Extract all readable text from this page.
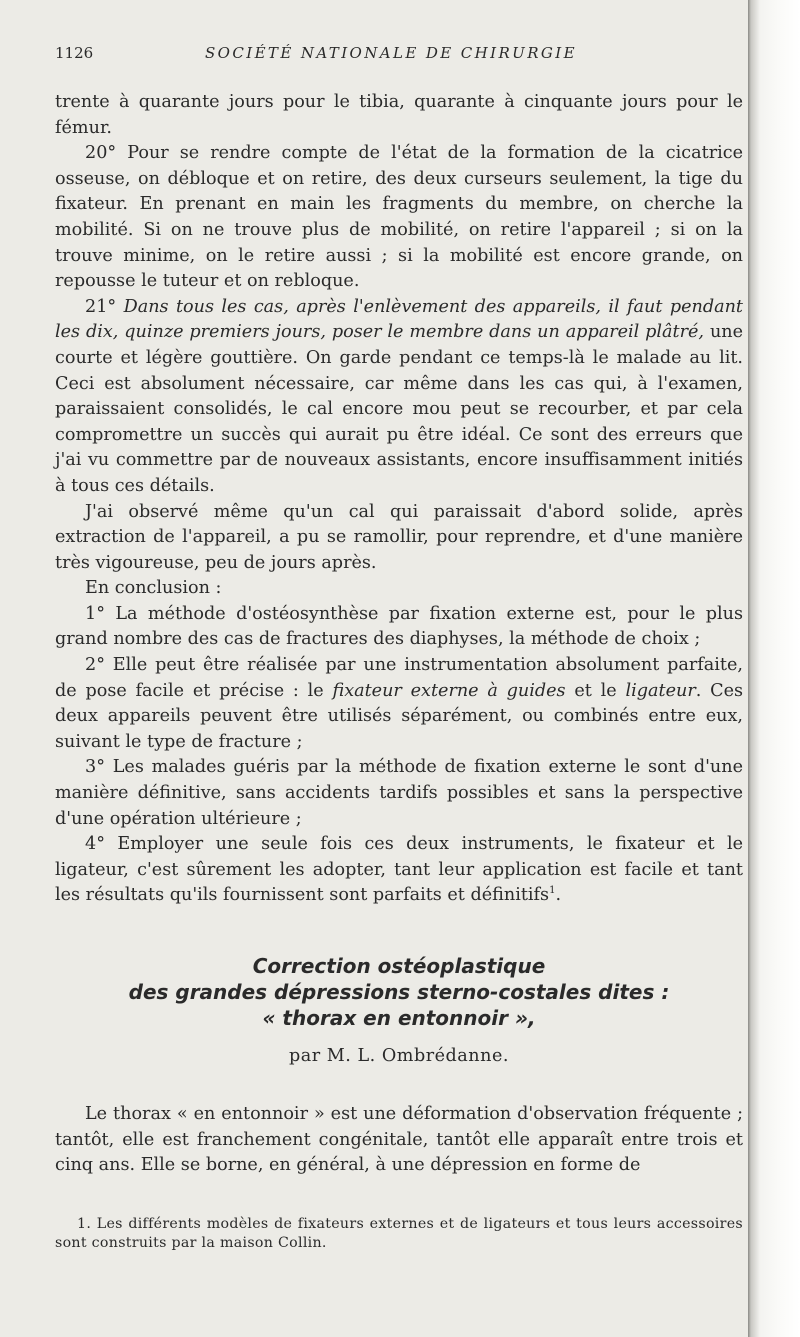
1126	SOCIÉTÉ NATIONALE DE CHIRURGIE

trente à quarante jours pour le tibia, quarante à cinquante jours pour le fémur.

20° Pour se rendre compte de l'état de la formation de la cicatrice osseuse, on débloque et on retire, des deux curseurs seulement, la tige du fixateur. En prenant en main les fragments du membre, on cherche la mobilité. Si on ne trouve plus de mobilité, on retire l'appareil ; si on la trouve minime, on le retire aussi ; si la mobilité est encore grande, on repousse le tuteur et on rebloque.

21° Dans tous les cas, après l'enlèvement des appareils, il faut pendant les dix, quinze premiers jours, poser le membre dans un appareil plâtré, une courte et légère gouttière. On garde pendant ce temps-là le malade au lit. Ceci est absolument nécessaire, car même dans les cas qui, à l'examen, paraissaient consolidés, le cal encore mou peut se recourber, et par cela compromettre un succès qui aurait pu être idéal. Ce sont des erreurs que j'ai vu commettre par de nouveaux assistants, encore insuffisamment initiés à tous ces détails.

J'ai observé même qu'un cal qui paraissait d'abord solide, après extraction de l'appareil, a pu se ramollir, pour reprendre, et d'une manière très vigoureuse, peu de jours après.

En conclusion :

1° La méthode d'ostéosynthèse par fixation externe est, pour le plus grand nombre des cas de fractures des diaphyses, la méthode de choix ;

2° Elle peut être réalisée par une instrumentation absolument parfaite, de pose facile et précise : le fixateur externe à guides et le ligateur. Ces deux appareils peuvent être utilisés séparément, ou combinés entre eux, suivant le type de fracture ;

3° Les malades guéris par la méthode de fixation externe le sont d'une manière définitive, sans accidents tardifs possibles et sans la perspective d'une opération ultérieure ;

4° Employer une seule fois ces deux instruments, le fixateur et le ligateur, c'est sûrement les adopter, tant leur application est facile et tant les résultats qu'ils fournissent sont parfaits et définitifs$^1$.

Correction ostéoplastique
des grandes dépressions sterno-costales dites :
« thorax en entonnoir »,
par M. L. Ombrédanne.

Le thorax « en entonnoir » est une déformation d'observation fréquente ; tantôt, elle est franchement congénitale, tantôt elle apparaît entre trois et cinq ans. Elle se borne, en général, à une dépression en forme de

1. Les différents modèles de fixateurs externes et de ligateurs et tous leurs accessoires sont construits par la maison Collin.
